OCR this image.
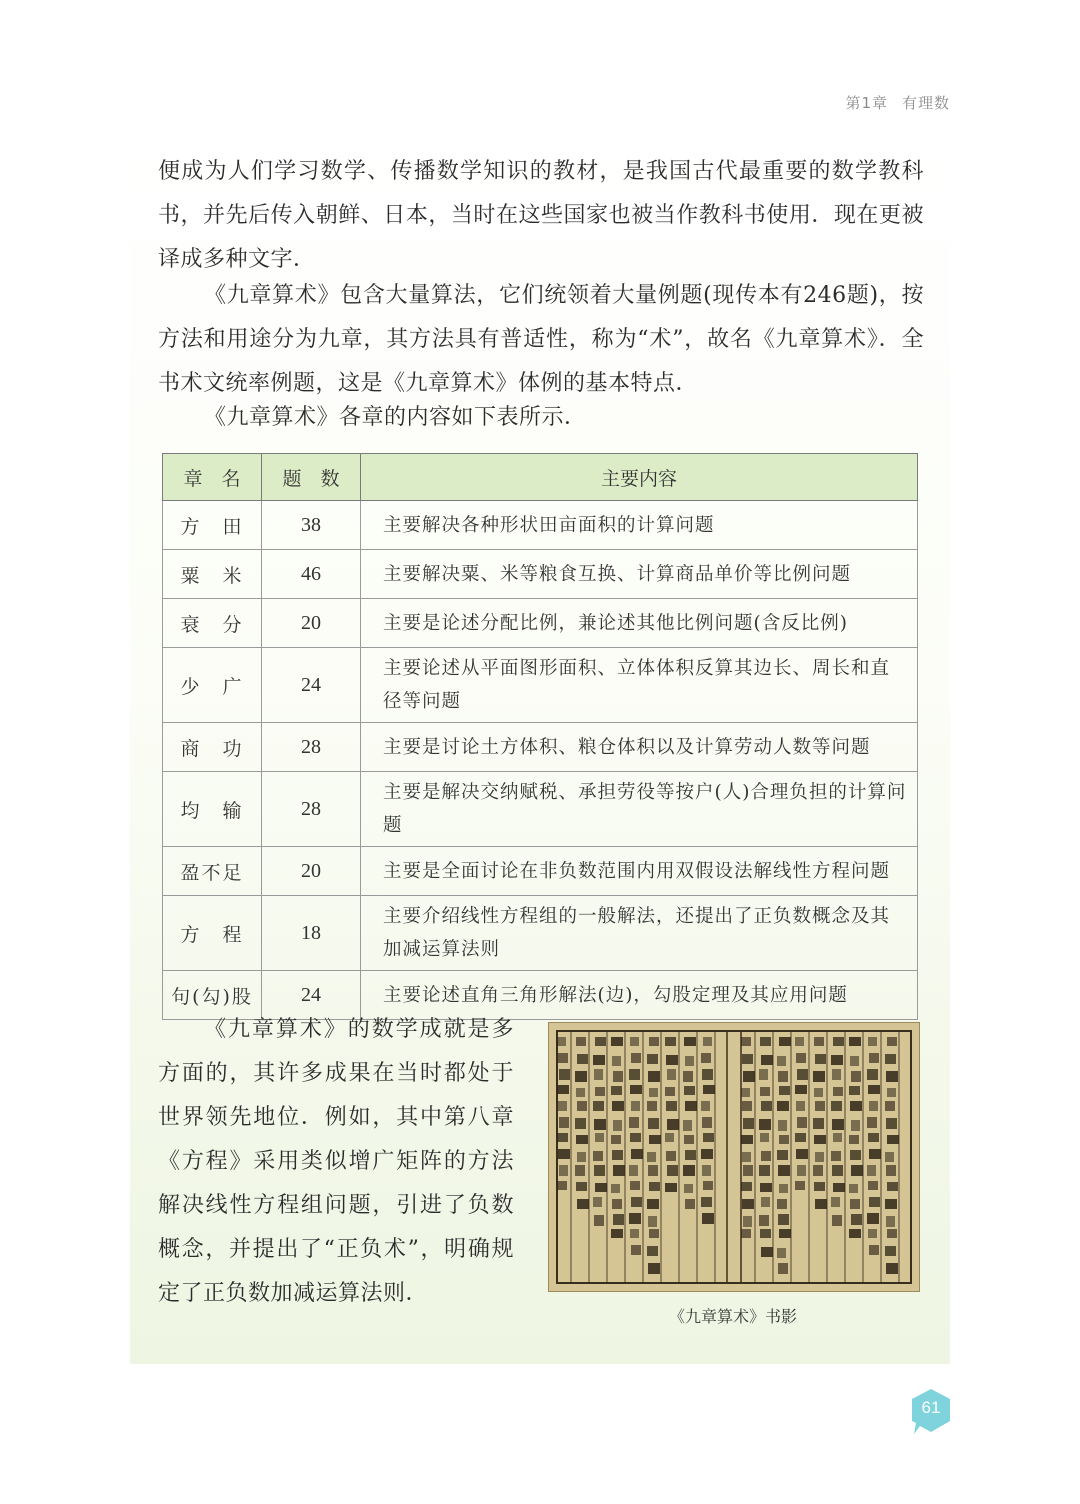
第1章 有理数

便成为人们学习数学、传播数学知识的教材，是我国古代最重要的数学教科书，并先后传入朝鲜、日本，当时在这些国家也被当作教科书使用．现在更被译成多种文字．

《九章算术》包含大量算法，它们统领着大量例题(现传本有246题)，按方法和用途分为九章，其方法具有普适性，称为“术”，故名《九章算术》．全书术文统率例题，这是《九章算术》体例的基本特点．

《九章算术》各章的内容如下表所示．

章　名	题　数	主要内容
方　田	38	主要解决各种形状田亩面积的计算问题
粟　米	46	主要解决粟、米等粮食互换、计算商品单价等比例问题
衰　分	20	主要是论述分配比例，兼论述其他比例问题(含反比例)
少　广	24	主要论述从平面图形面积、立体体积反算其边长、周长和直径等问题
商　功	28	主要是讨论土方体积、粮仓体积以及计算劳动人数等问题
均　输	28	主要是解决交纳赋税、承担劳役等按户(人)合理负担的计算问题
盈不足	20	主要是全面讨论在非负数范围内用双假设法解线性方程问题
方　程	18	主要介绍线性方程组的一般解法，还提出了正负数概念及其加减运算法则
句(勾)股	24	主要论述直角三角形解法(边)，勾股定理及其应用问题

《九章算术》的数学成就是多方面的，其许多成果在当时都处于世界领先地位．例如，其中第八章《方程》采用类似增广矩阵的方法解决线性方程组问题，引进了负数概念，并提出了“正负术”，明确规定了正负数加减运算法则．

《九章算术》书影
61
